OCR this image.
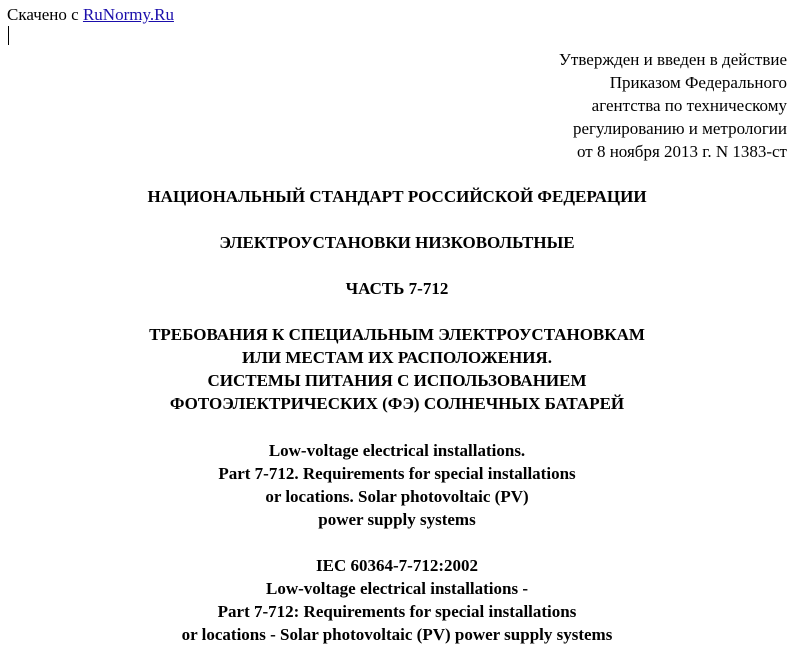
Скачено с RuNormy.Ru
Утвержден и введен в действие
Приказом Федерального
агентства по техническому
регулированию и метрологии
от 8 ноября 2013 г. N 1383-ст
НАЦИОНАЛЬНЫЙ СТАНДАРТ РОССИЙСКОЙ ФЕДЕРАЦИИ
ЭЛЕКТРОУСТАНОВКИ НИЗКОВОЛЬТНЫЕ
ЧАСТЬ 7-712
ТРЕБОВАНИЯ К СПЕЦИАЛЬНЫМ ЭЛЕКТРОУСТАНОВКАМ
ИЛИ МЕСТАМ ИХ РАСПОЛОЖЕНИЯ.
СИСТЕМЫ ПИТАНИЯ С ИСПОЛЬЗОВАНИЕМ
ФОТОЭЛЕКТРИЧЕСКИХ (ФЭ) СОЛНЕЧНЫХ БАТАРЕЙ
Low-voltage electrical installations.
Part 7-712. Requirements for special installations
or locations. Solar photovoltaic (PV)
power supply systems
IEC 60364-7-712:2002
Low-voltage electrical installations -
Part 7-712: Requirements for special installations
or locations - Solar photovoltaic (PV) power supply systems
